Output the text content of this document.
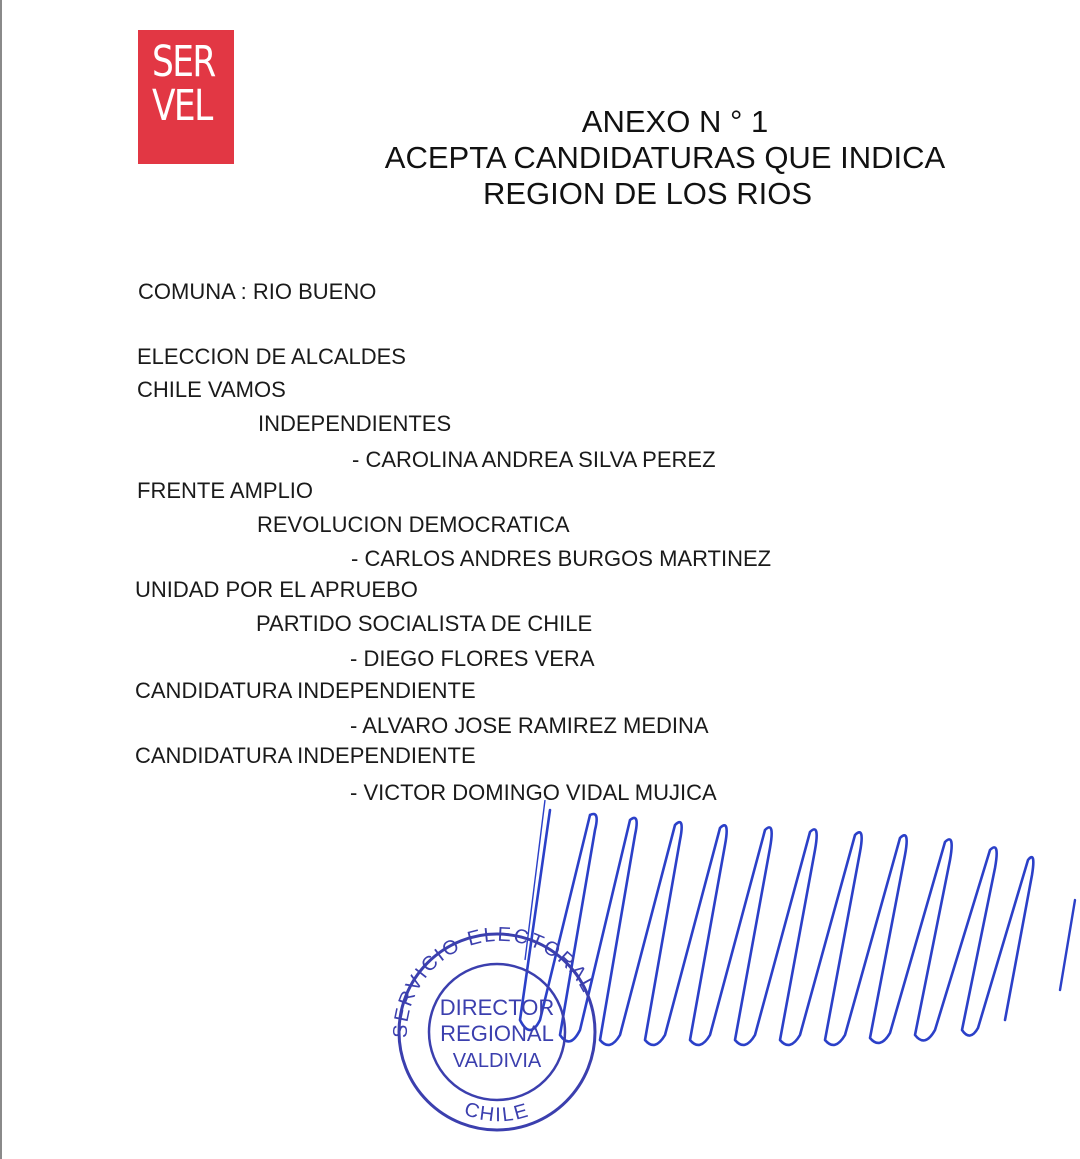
SER
VEL	ANEXO N ° 1
ACEPTA CANDIDATURAS QUE INDICA
REGION DE LOS RIOS
COMUNA : RIO BUENO
ELECCION DE ALCALDES
CHILE VAMOS
INDEPENDIENTES
- CAROLINA ANDREA SILVA PEREZ
FRENTE AMPLIO
REVOLUCION DEMOCRATICA
- CARLOS ANDRES BURGOS MARTINEZ
UNIDAD POR EL APRUEBO
PARTIDO SOCIALISTA DE CHILE
- DIEGO FLORES VERA
CANDIDATURA INDEPENDIENTE
- ALVARO JOSE RAMIREZ MEDINA
CANDIDATURA INDEPENDIENTE
- VICTOR DOMINGO VIDAL MUJICA
SERVICIO ELECTORAL
CHILE
DIRECTOR
REGIONAL
VALDIVIA
